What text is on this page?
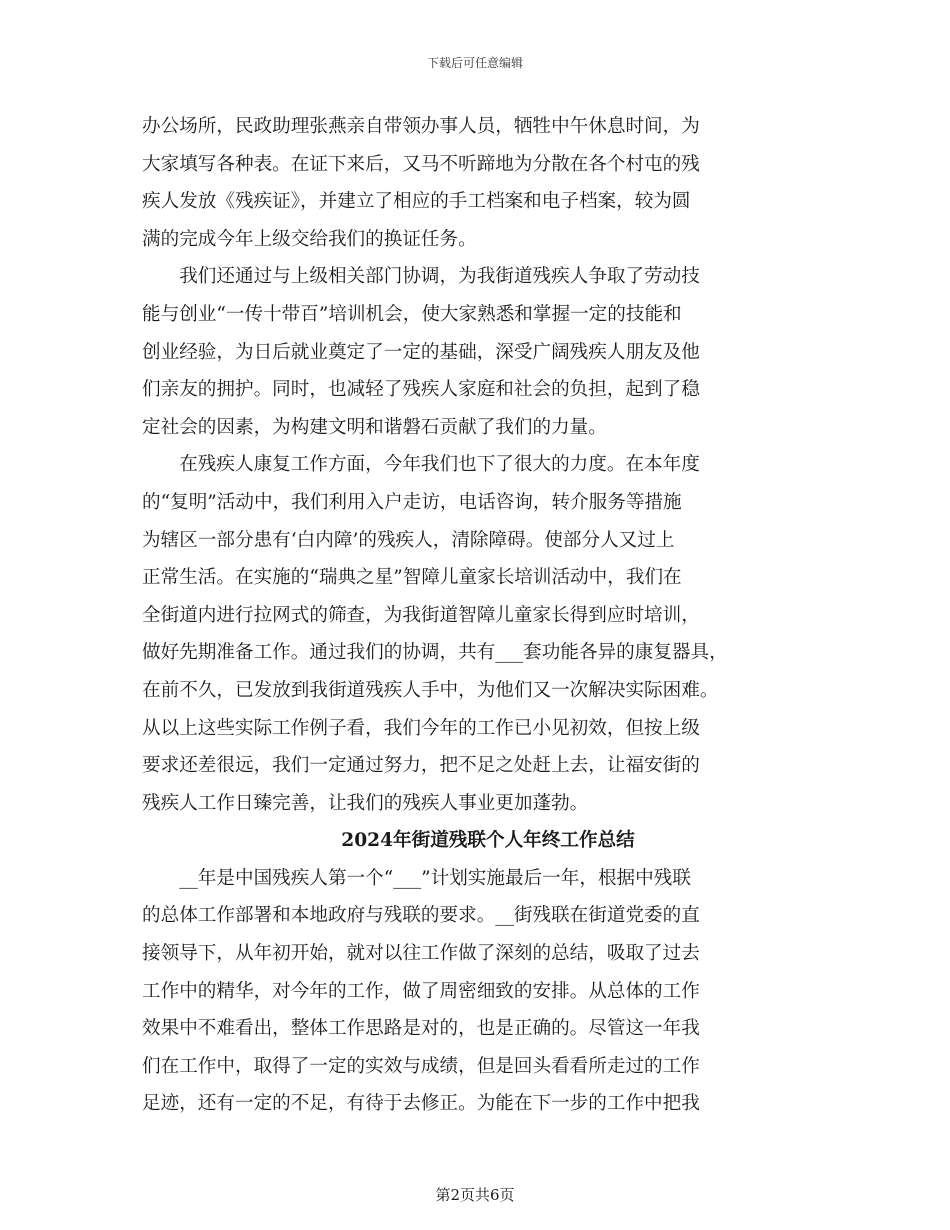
下载后可任意编辑
办公场所，民政助理张燕亲自带领办事人员，牺牲中午休息时间，为
大家填写各种表。在证下来后，又马不听蹄地为分散在各个村屯的残
疾人发放《残疾证》，并建立了相应的手工档案和电子档案，较为圆
满的完成今年上级交给我们的换证任务。
　　我们还通过与上级相关部门协调，为我街道残疾人争取了劳动技
能与创业“一传十带百”培训机会，使大家熟悉和掌握一定的技能和
创业经验，为日后就业奠定了一定的基础，深受广阔残疾人朋友及他
们亲友的拥护。同时，也减轻了残疾人家庭和社会的负担，起到了稳
定社会的因素，为构建文明和谐磐石贡献了我们的力量。
　　在残疾人康复工作方面，今年我们也下了很大的力度。在本年度
的“复明”活动中，我们利用入户走访，电话咨询，转介服务等措施
为辖区一部分患有‘白内障’的残疾人，清除障碍。使部分人又过上
正常生活。在实施的“瑞典之星”智障儿童家长培训活动中，我们在
全街道内进行拉网式的筛查，为我街道智障儿童家长得到应时培训，
做好先期准备工作。通过我们的协调，共有___套功能各异的康复器具，
在前不久，已发放到我街道残疾人手中，为他们又一次解决实际困难。
从以上这些实际工作例子看，我们今年的工作已小见初效，但按上级
要求还差很远，我们一定通过努力，把不足之处赶上去，让福安街的
残疾人工作日臻完善，让我们的残疾人事业更加蓬勃。
2024年街道残联个人年终工作总结
　　__年是中国残疾人第一个“___”计划实施最后一年，根据中残联
的总体工作部署和本地政府与残联的要求。__街残联在街道党委的直
接领导下，从年初开始，就对以往工作做了深刻的总结，吸取了过去
工作中的精华，对今年的工作，做了周密细致的安排。从总体的工作
效果中不难看出，整体工作思路是对的，也是正确的。尽管这一年我
们在工作中，取得了一定的实效与成绩，但是回头看看所走过的工作
足迹，还有一定的不足，有待于去修正。为能在下一步的工作中把我
第2页共6页
